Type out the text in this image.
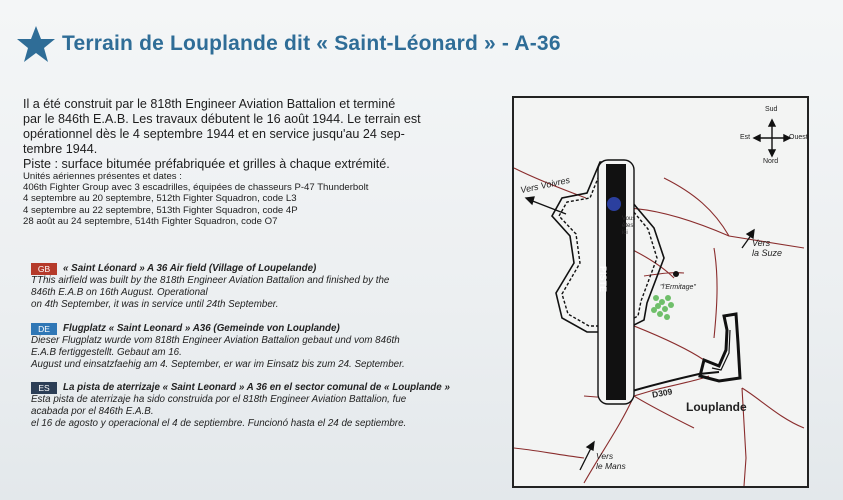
Terrain de Louplande dit « Saint-Léonard » - A-36

Il a été construit par le 818th Engineer Aviation Battalion et terminé

par le 846th E.A.B. Les travaux débutent le 16 août 1944. Le terrain est

opérationnel dès le 4 septembre 1944 et en service jusqu'au 24 sep-

tembre 1944.

Piste : surface bitumée préfabriquée et grilles à chaque extrémité.

Unités aériennes présentes et dates :
406th Fighter Group avec 3 escadrilles, équipées de chasseurs P-47 Thunderbolt
4 septembre au 20 septembre, 512th Fighter Squadron, code L3
4 septembre au 22 septembre, 513th Fighter Squadron, code 4P
28 août au 24 septembre, 514th Fighter Squadron, code O7
GB	« Saint Léonard » A 36 Air field (Village of Loupelande)
TThis airfield was built by the 818th Engineer Aviation Battalion and finished by the
846th E.A.B on 16th August. Operational
on 4th September, it was in service until 24th September.
DE	Flugplatz « Saint Leonard » A36 (Gemeinde von Louplande)
Dieser Flugplatz wurde vom 818th Engineer Aviation Battalion gebaut und vom 846th
E.A.B fertiggestellt. Gebaut am 16.
August und einsatzfaehig am 4. September, er war im Einsatz bis zum 24. September.
ES	La pista de aterrizaje « Saint Leonard » A 36 en el sector comunal de « Louplande »
Esta pista de aterrizaje ha sido construida por el 818th Engineer Aviation Battalion, fue
acabada por el 846th E.A.B.
el 16 de agosto y operacional el 4 de septiembre. Funcionó hasta el 24 de septiembre.
Sud
Nord
Est	Ouest
PISTE
Vous
êtes
ici
Vers Voivres
Vers
la Suze
"l'Ermitage"
D309
Louplande
Vers
le Mans
